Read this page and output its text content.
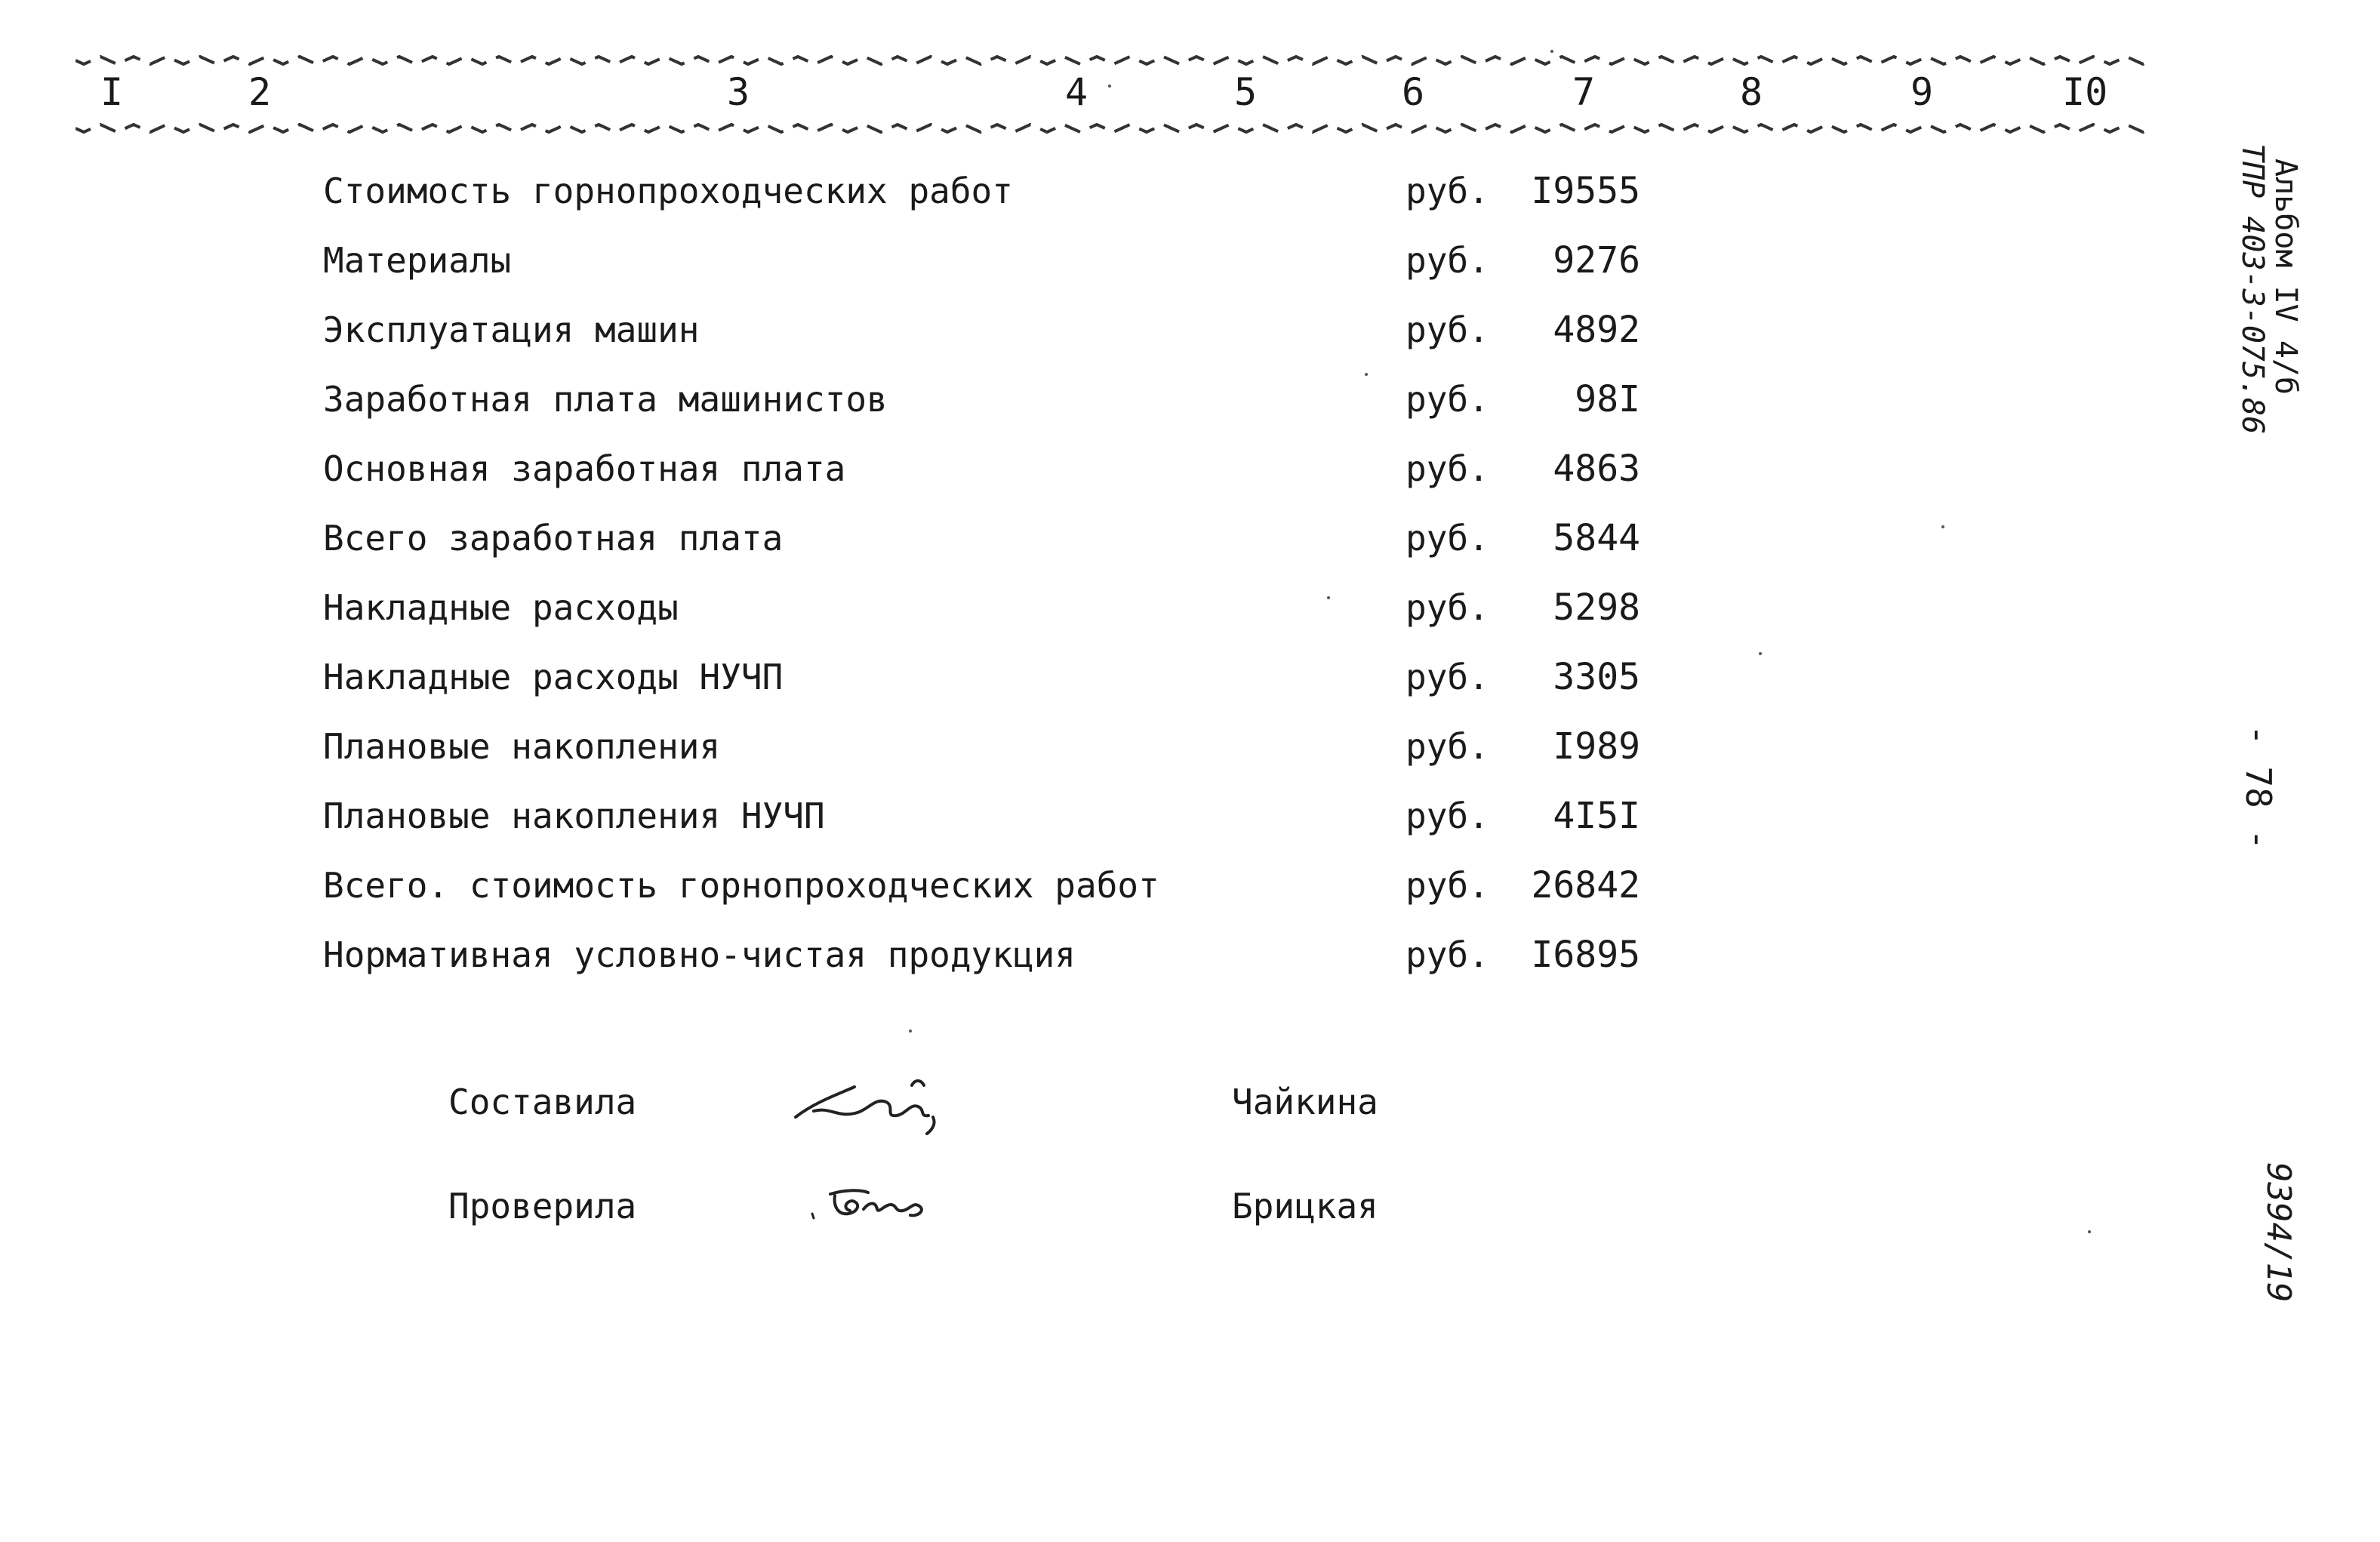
I	2	3	4	5	6	7	8	9	I0
Стоимость горнопроходческих работ	руб. I9555
Материалы	руб. 9276
Эксплуатация машин	руб. 4892
Заработная плата машинистов	руб. 98I
Основная заработная плата	руб. 4863
Всего заработная плата	руб. 5844
Накладные расходы	руб. 5298
Накладные расходы НУЧП	руб. 3305
Плановые накопления	руб. I989
Плановые накопления НУЧП	руб. 4I5I
Всего. стоимость горнопроходческих работ	руб. 26842
Нормативная условно-чистая продукция	руб. I6895
Составила	Чайкина
Проверила	Брицкая
Альбом IV 4/б
ТПР 403-3-075.86
- 78 -
9394/19
